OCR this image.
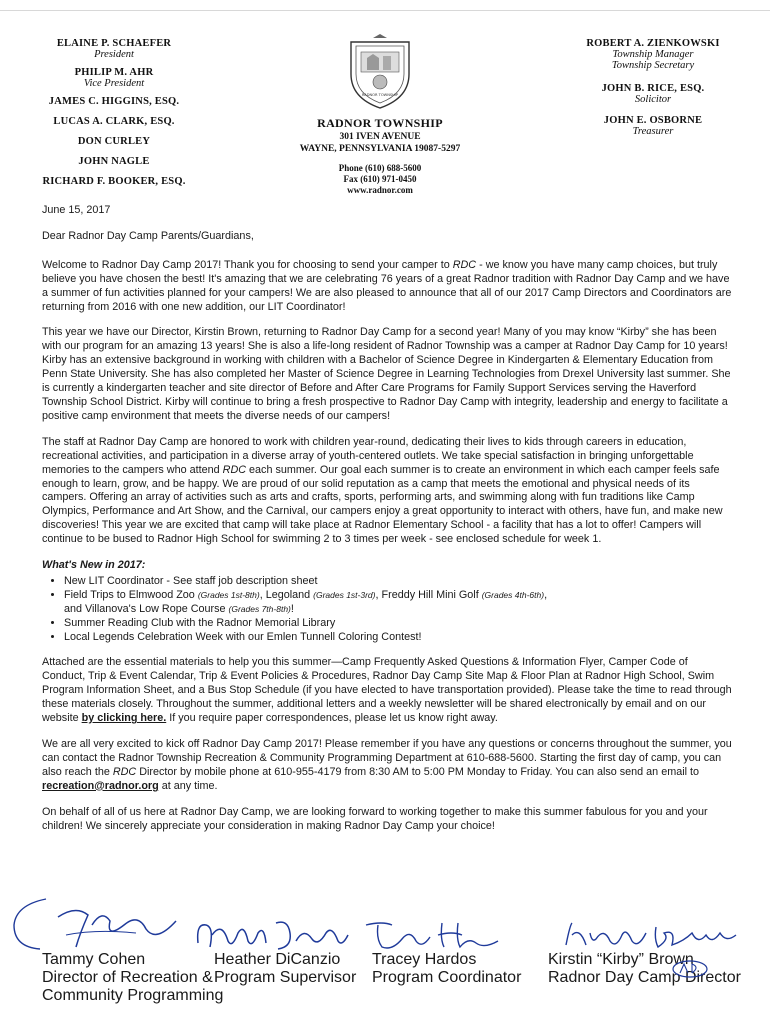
ELAINE P. SCHAEFER
President
PHILIP M. AHR
Vice President
JAMES C. HIGGINS, ESQ.
LUCAS A. CLARK, ESQ.
DON CURLEY
JOHN NAGLE
RICHARD F. BOOKER, ESQ.
RADNOR TOWNSHIP
RADNOR TOWNSHIP
301 IVEN AVENUE
WAYNE, PENNSYLVANIA 19087-5297
Phone (610) 688-5600
Fax (610) 971-0450
www.radnor.com
ROBERT A. ZIENKOWSKI
Township Manager
Township Secretary
JOHN B. RICE, ESQ.
Solicitor
JOHN E. OSBORNE
Treasurer

June 15, 2017

Dear Radnor Day Camp Parents/Guardians,

Welcome to Radnor Day Camp 2017! Thank you for choosing to send your camper to RDC - we know you have many camp choices, but truly believe you have chosen the best! It's amazing that we are celebrating 76 years of a great Radnor tradition with Radnor Day Camp and we have a summer of fun activities planned for your campers! We are also pleased to announce that all of our 2017 Camp Directors and Coordinators are returning from 2016 with one new addition, our LIT Coordinator!

This year we have our Director, Kirstin Brown, returning to Radnor Day Camp for a second year! Many of you may know “Kirby” she has been with our program for an amazing 13 years! She is also a life-long resident of Radnor Township was a camper at Radnor Day Camp for 10 years! Kirby has an extensive background in working with children with a Bachelor of Science Degree in Kindergarten & Elementary Education from Penn State University. She has also completed her Master of Science Degree in Learning Technologies from Drexel University last summer. She is currently a kindergarten teacher and site director of Before and After Care Programs for Family Support Services serving the Haverford Township School District. Kirby will continue to bring a fresh prospective to Radnor Day Camp with integrity, leadership and energy to facilitate a positive camp environment that meets the diverse needs of our campers!

The staff at Radnor Day Camp are honored to work with children year-round, dedicating their lives to kids through careers in education, recreational activities, and participation in a diverse array of youth-centered outlets. We take special satisfaction in bringing unforgettable memories to the campers who attend RDC each summer. Our goal each summer is to create an environment in which each camper feels safe enough to learn, grow, and be happy. We are proud of our solid reputation as a camp that meets the emotional and physical needs of its campers. Offering an array of activities such as arts and crafts, sports, performing arts, and swimming along with fun traditions like Camp Olympics, Performance and Art Show, and the Carnival, our campers enjoy a great opportunity to interact with others, have fun, and make new discoveries! This year we are excited that camp will take place at Radnor Elementary School - a facility that has a lot to offer! Campers will continue to be bused to Radnor High School for swimming 2 to 3 times per week - see enclosed schedule for week 1.

What's New in 2017:
• New LIT Coordinator - See staff job description sheet
• Field Trips to Elmwood Zoo (Grades 1st-8th), Legoland (Grades 1st-3rd), Freddy Hill Mini Golf (Grades 4th-6th),
and Villanova's Low Rope Course (Grades 7th-8th)!
• Summer Reading Club with the Radnor Memorial Library
• Local Legends Celebration Week with our Emlen Tunnell Coloring Contest!

Attached are the essential materials to help you this summer—Camp Frequently Asked Questions & Information Flyer, Camper Code of Conduct, Trip & Event Calendar, Trip & Event Policies & Procedures, Radnor Day Camp Site Map & Floor Plan at Radnor High School, Swim Program Information Sheet, and a Bus Stop Schedule (if you have elected to have transportation provided). Please take the time to read through these materials closely. Throughout the summer, additional letters and a weekly newsletter will be shared electronically by email and on our website by clicking here. If you require paper correspondences, please let us know right away.

We are all very excited to kick off Radnor Day Camp 2017! Please remember if you have any questions or concerns throughout the summer, you can contact the Radnor Township Recreation & Community Programming Department at 610-688-5600. Starting the first day of camp, you can also reach the RDC Director by mobile phone at 610-955-4179 from 8:30 AM to 5:00 PM Monday to Friday. You can also send an email to recreation@radnor.org at any time.

On behalf of all of us here at Radnor Day Camp, we are looking forward to working together to make this summer fabulous for you and your children! We sincerely appreciate your consideration in making Radnor Day Camp your choice!

Tammy Cohen
Director of Recreation &
Community Programming
Heather DiCanzio
Program Supervisor
Tracey Hardos
Program Coordinator
Kirstin “Kirby” Brown
Radnor Day Camp Director
